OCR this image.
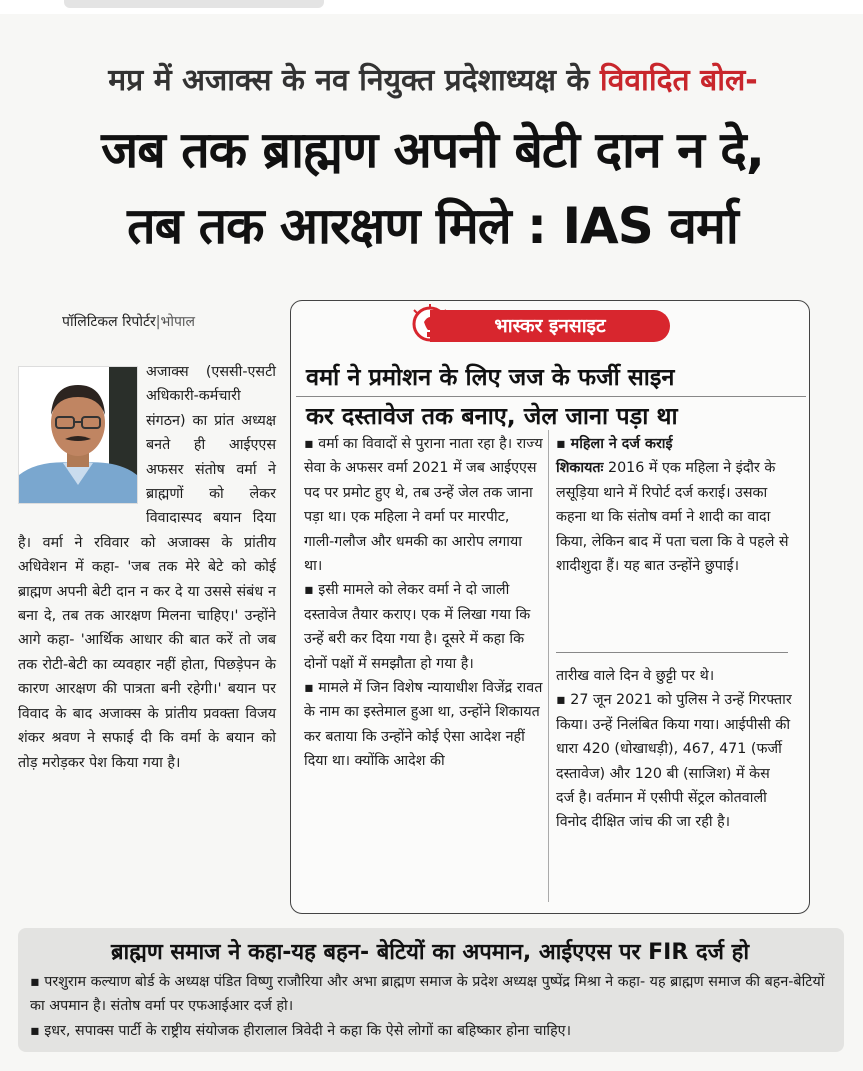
मप्र में अजाक्स के नव नियुक्त प्रदेशाध्यक्ष के विवादित बोल-
जब तक ब्राह्मण अपनी बेटी दान न दे,
तब तक आरक्षण मिले : IAS वर्मा
पॉलिटिकल रिपोर्टर|भोपाल

अजाक्स (एससी-एसटी अधिकारी-कर्मचारी संगठन) का प्रांत अध्यक्ष बनते ही आईएएस अफसर संतोष वर्मा ने ब्राह्मणों को लेकर विवादास्पद बयान दिया है। वर्मा ने रविवार को अजाक्स के प्रांतीय अधिवेशन में कहा- 'जब तक मेरे बेटे को कोई ब्राह्मण अपनी बेटी दान न कर दे या उससे संबंध न बना दे, तब तक आरक्षण मिलना चाहिए।' उन्होंने आगे कहा- 'आर्थिक आधार की बात करें तो जब तक रोटी-बेटी का व्यवहार नहीं होता, पिछड़ेपन के कारण आरक्षण की पात्रता बनी रहेगी।' बयान पर विवाद के बाद अजाक्स के प्रांतीय प्रवक्ता विजय शंकर श्रवण ने सफाई दी कि वर्मा के बयान को तोड़ मरोड़कर पेश किया गया है।

भास्कर इनसाइट
वर्मा ने प्रमोशन के लिए जज के फर्जी साइन
कर दस्तावेज तक बनाए, जेल जाना पड़ा था

▪ वर्मा का विवादों से पुराना नाता रहा है। राज्य सेवा के अफसर वर्मा 2021 में जब आईएएस पद पर प्रमोट हुए थे, तब उन्हें जेल तक जाना पड़ा था। एक महिला ने वर्मा पर मारपीट, गाली-गलौज और धमकी का आरोप लगाया था।

▪ इसी मामले को लेकर वर्मा ने दो जाली दस्तावेज तैयार कराए। एक में लिखा गया कि उन्हें बरी कर दिया गया है। दूसरे में कहा कि दोनों पक्षों में समझौता हो गया है।

▪ मामले में जिन विशेष न्यायाधीश विजेंद्र रावत के नाम का इस्तेमाल हुआ था, उन्होंने शिकायत कर बताया कि उन्होंने कोई ऐसा आदेश नहीं दिया था। क्योंकि आदेश की

▪ महिला ने दर्ज कराई

शिकायतः 2016 में एक महिला ने इंदौर के लसूड़िया थाने में रिपोर्ट दर्ज कराई। उसका कहना था कि संतोष वर्मा ने शादी का वादा किया, लेकिन बाद में पता चला कि वे पहले से शादीशुदा हैं। यह बात उन्होंने छुपाई।

तारीख वाले दिन वे छुट्टी पर थे।

▪ 27 जून 2021 को पुलिस ने उन्हें गिरफ्तार किया। उन्हें निलंबित किया गया। आईपीसी की धारा 420 (धोखाधड़ी), 467, 471 (फर्जी दस्तावेज) और 120 बी (साजिश) में केस दर्ज है। वर्तमान में एसीपी सेंट्रल कोतवाली विनोद दीक्षित जांच की जा रही है।

ब्राह्मण समाज ने कहा-यह बहन- बेटियों का अपमान, आईएएस पर FIR दर्ज हो

▪ परशुराम कल्याण बोर्ड के अध्यक्ष पंडित विष्णु राजौरिया और अभा ब्राह्मण समाज के प्रदेश अध्यक्ष पुष्पेंद्र मिश्रा ने कहा- यह ब्राह्मण समाज की बहन-बेटियों का अपमान है। संतोष वर्मा पर एफआईआर दर्ज हो।

▪ इधर, सपाक्स पार्टी के राष्ट्रीय संयोजक हीरालाल त्रिवेदी ने कहा कि ऐसे लोगों का बहिष्कार होना चाहिए।
